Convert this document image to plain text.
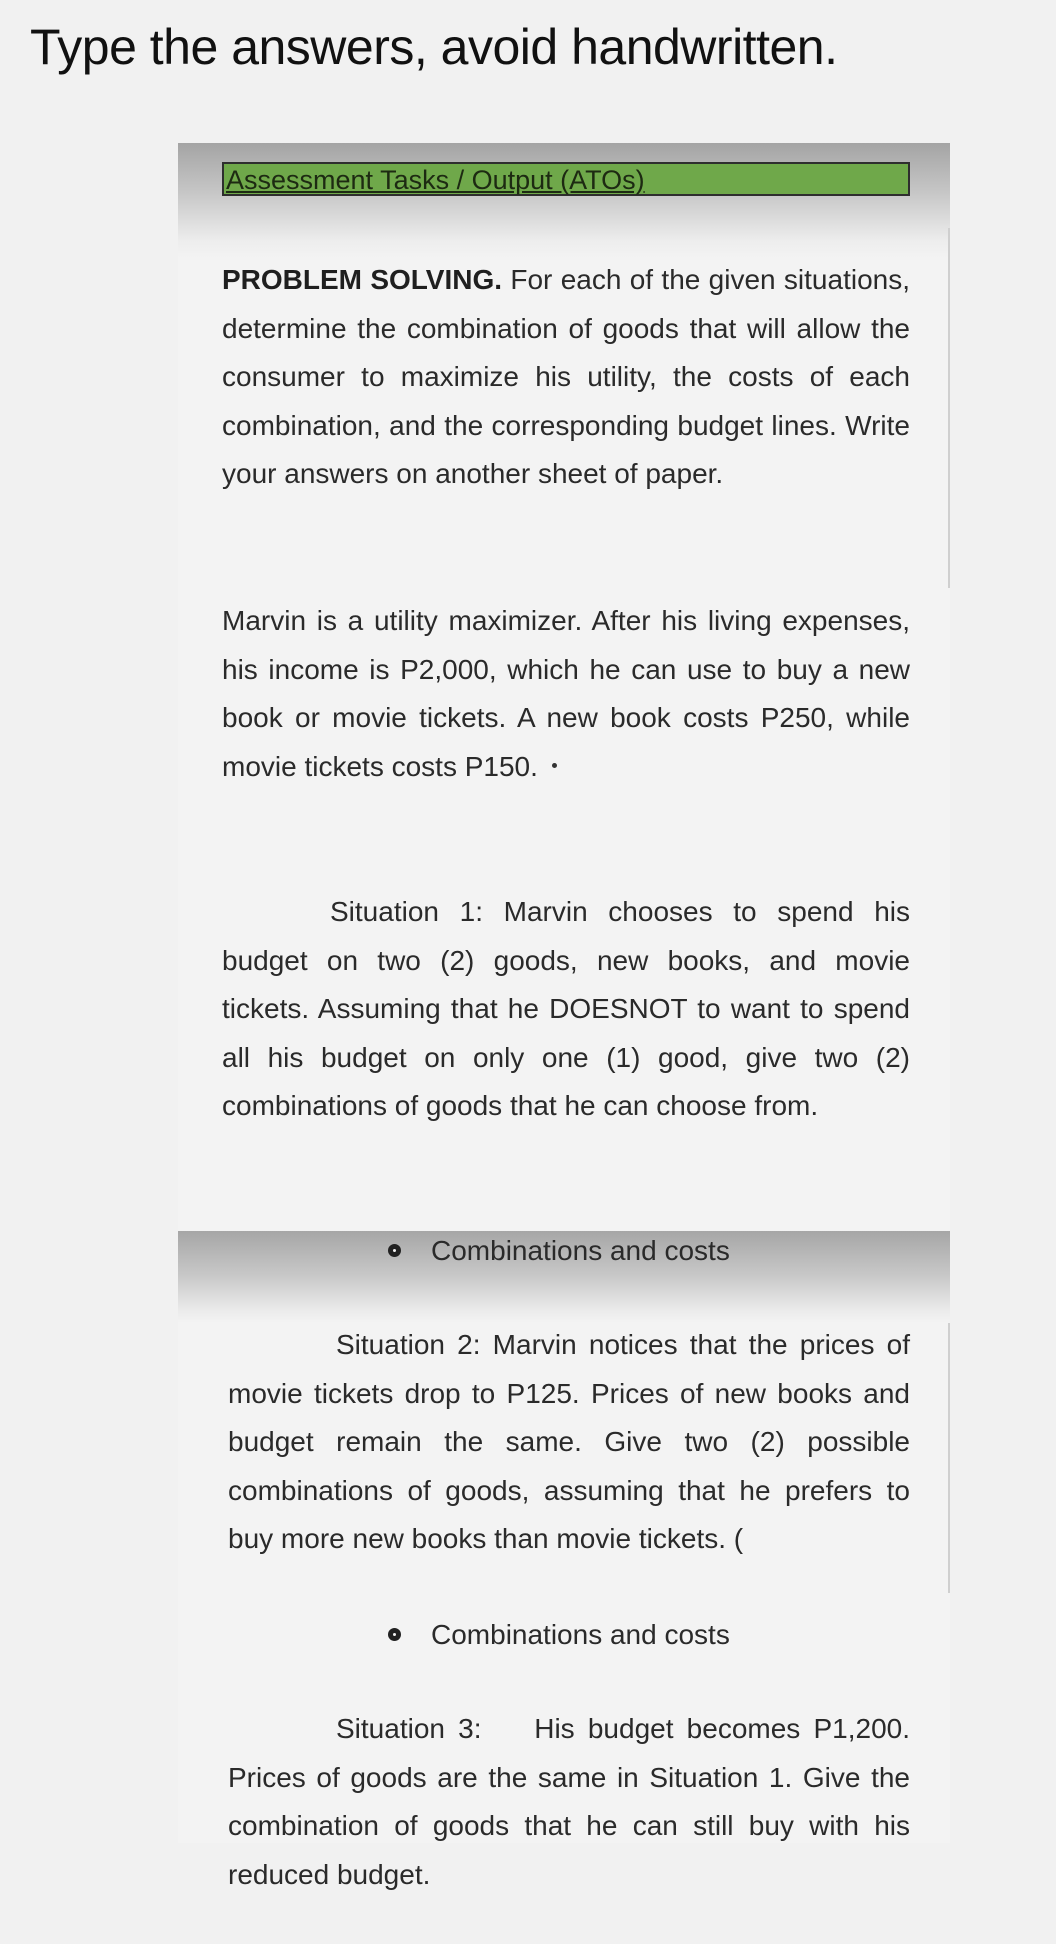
Type the answers, avoid handwritten.
Assessment Tasks / Output (ATOs)

PROBLEM SOLVING. For each of the given situations, determine the combination of goods that will allow the consumer to maximize his utility, the costs of each combination, and the corresponding budget lines. Write your answers on another sheet of paper.

Marvin is a utility maximizer. After his living expenses, his income is P2,000, which he can use to buy a new book or movie tickets. A new book costs P250, while movie tickets costs P150.

Situation 1: Marvin chooses to spend his budget on two (2) goods, new books, and movie tickets. Assuming that he DOESNOT to want to spend all his budget on only one (1) good, give two (2) combinations of goods that he can choose from.

Combinations and costs

Situation 2: Marvin notices that the prices of movie tickets drop to P125. Prices of new books and budget remain the same. Give two (2) possible combinations of goods, assuming that he prefers to buy more new books than movie tickets. (

Combinations and costs

Situation 3:    His budget becomes P1,200.  Prices of goods are the same in Situation 1. Give the combination of goods that he can still buy with his reduced budget.
